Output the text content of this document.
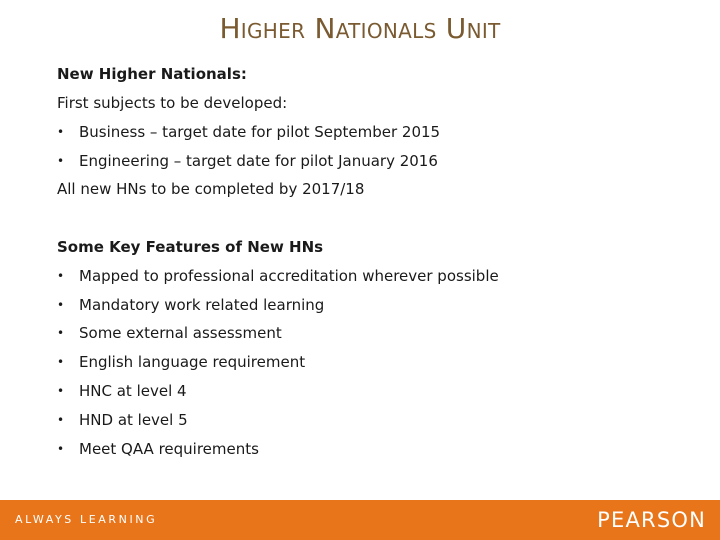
Higher Nationals Unit
New Higher Nationals:
First subjects to be developed:
• Business – target date for pilot September 2015
• Engineering – target date for pilot January 2016
All new HNs to be completed by 2017/18
Some Key Features of New HNs
• Mapped to professional accreditation wherever possible
• Mandatory work related learning
• Some external assessment
• English language requirement
• HNC at level 4
• HND at level 5
• Meet QAA requirements
ALWAYS LEARNING	PEARSON
